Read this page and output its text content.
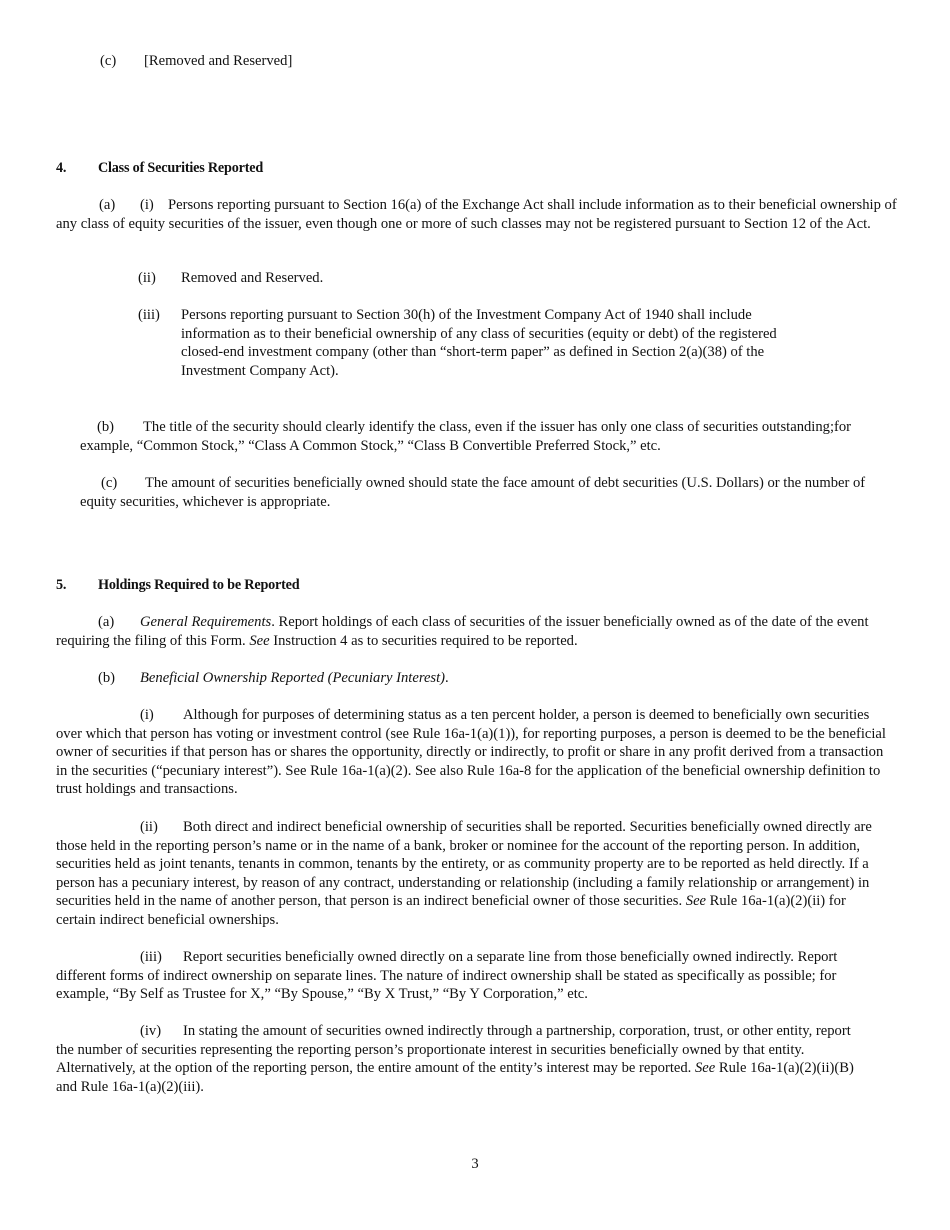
(c) [Removed and Reserved]
4. Class of Securities Reported

(a) (i) Persons reporting pursuant to Section 16(a) of the Exchange Act shall include information as to their beneficial ownership of any class of equity securities of the issuer, even though one or more of such classes may not be registered pursuant to Section 12 of the Act.

(ii) Removed and Reserved.
(iii) Persons reporting pursuant to Section 30(h) of the Investment Company Act of 1940 shall include information as to their beneficial ownership of any class of securities (equity or debt) of the registered closed-end investment company (other than “short-term paper” as defined in Section 2(a)(38) of the Investment Company Act).

(b) The title of the security should clearly identify the class, even if the issuer has only one class of securities outstanding;for example, “Common Stock,” “Class A Common Stock,” “Class B Convertible Preferred Stock,” etc.

(c) The amount of securities beneficially owned should state the face amount of debt securities (U.S. Dollars) or the number of equity securities, whichever is appropriate.

5. Holdings Required to be Reported

(a) General Requirements. Report holdings of each class of securities of the issuer beneficially owned as of the date of the event requiring the filing of this Form. See Instruction 4 as to securities required to be reported.

(b) Beneficial Ownership Reported (Pecuniary Interest).

(i) Although for purposes of determining status as a ten percent holder, a person is deemed to beneficially own securities over which that person has voting or investment control (see Rule 16a-1(a)(1)), for reporting purposes, a person is deemed to be the beneficial owner of securities if that person has or shares the opportunity, directly or indirectly, to profit or share in any profit derived from a transaction in the securities (“pecuniary interest”). See Rule 16a-1(a)(2). See also Rule 16a-8 for the application of the beneficial ownership definition to trust holdings and transactions.

(ii) Both direct and indirect beneficial ownership of securities shall be reported. Securities beneficially owned directly are those held in the reporting person’s name or in the name of a bank, broker or nominee for the account of the reporting person. In addition, securities held as joint tenants, tenants in common, tenants by the entirety, or as community property are to be reported as held directly. If a person has a pecuniary interest, by reason of any contract, understanding or relationship (including a family relationship or arrangement) in securities held in the name of another person, that person is an indirect beneficial owner of those securities. See Rule 16a-1(a)(2)(ii) for certain indirect beneficial ownerships.

(iii) Report securities beneficially owned directly on a separate line from those beneficially owned indirectly. Report different forms of indirect ownership on separate lines. The nature of indirect ownership shall be stated as specifically as possible; for example, “By Self as Trustee for X,” “By Spouse,” “By X Trust,” “By Y Corporation,” etc.

(iv) In stating the amount of securities owned indirectly through a partnership, corporation, trust, or other entity, report the number of securities representing the reporting person’s proportionate interest in securities beneficially owned by that entity. Alternatively, at the option of the reporting person, the entire amount of the entity’s interest may be reported. See Rule 16a-1(a)(2)(ii)(B) and Rule 16a-1(a)(2)(iii).

3
